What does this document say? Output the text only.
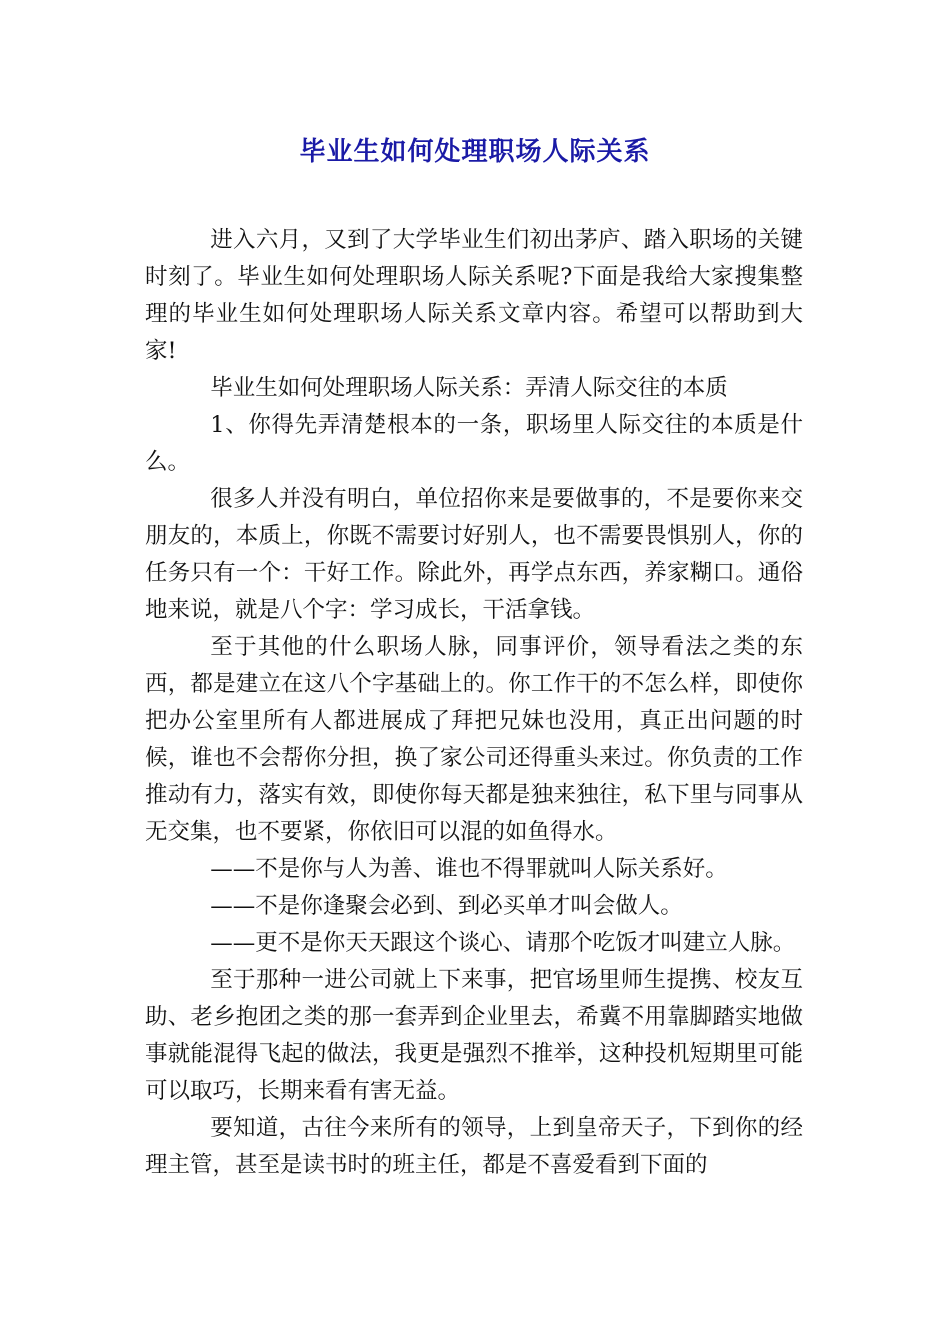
毕业生如何处理职场人际关系

进入六月，又到了大学毕业生们初出茅庐、踏入职场的关键时刻了。毕业生如何处理职场人际关系呢?下面是我给大家搜集整理的毕业生如何处理职场人际关系文章内容。希望可以帮助到大家!

毕业生如何处理职场人际关系：弄清人际交往的本质

1、你得先弄清楚根本的一条，职场里人际交往的本质是什么。

很多人并没有明白，单位招你来是要做事的，不是要你来交朋友的，本质上，你既不需要讨好别人，也不需要畏惧别人，你的任务只有一个：干好工作。除此外，再学点东西，养家糊口。通俗地来说，就是八个字：学习成长，干活拿钱。

至于其他的什么职场人脉，同事评价，领导看法之类的东西，都是建立在这八个字基础上的。你工作干的不怎么样，即使你把办公室里所有人都进展成了拜把兄妹也没用，真正出问题的时候，谁也不会帮你分担，换了家公司还得重头来过。你负责的工作推动有力，落实有效，即使你每天都是独来独往，私下里与同事从无交集，也不要紧，你依旧可以混的如鱼得水。

——不是你与人为善、谁也不得罪就叫人际关系好。

——不是你逢聚会必到、到必买单才叫会做人。

——更不是你天天跟这个谈心、请那个吃饭才叫建立人脉。

至于那种一进公司就上下来事，把官场里师生提携、校友互助、老乡抱团之类的那一套弄到企业里去，希冀不用靠脚踏实地做事就能混得飞起的做法，我更是强烈不推举，这种投机短期里可能可以取巧，长期来看有害无益。

要知道，古往今来所有的领导，上到皇帝天子，下到你的经理主管，甚至是读书时的班主任，都是不喜爱看到下面的
